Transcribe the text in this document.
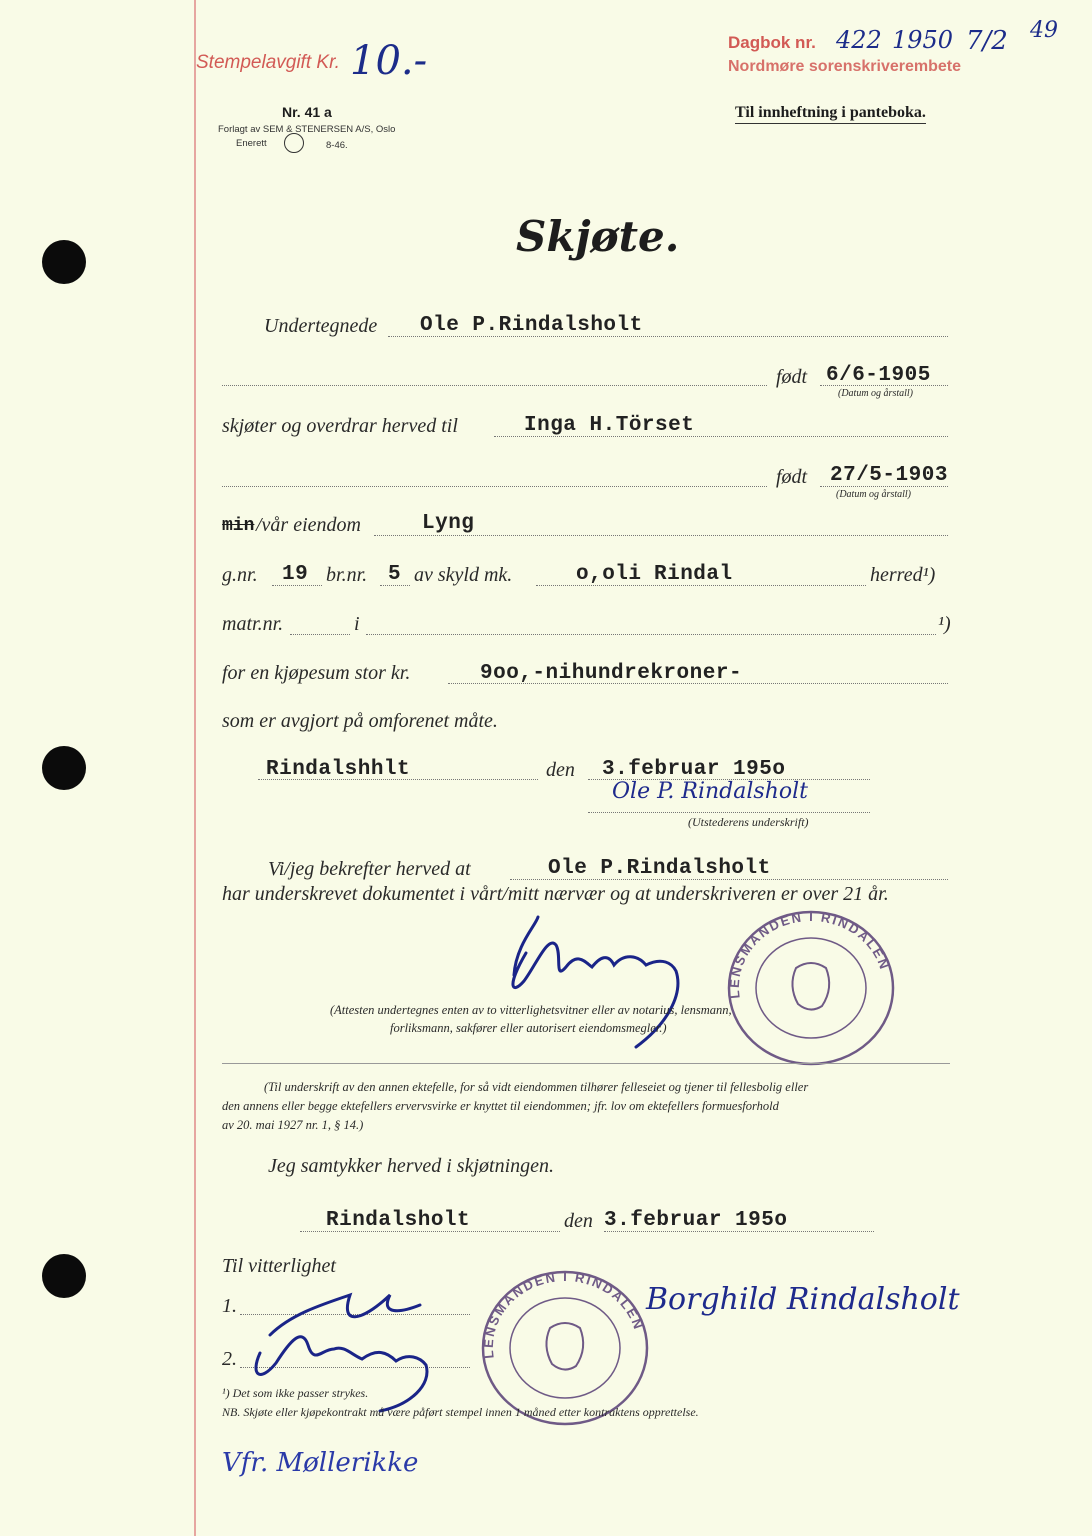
Stempelavgift Kr. 10.-	Dagbok nr. 422 1950 7/2 49
Nordmøre sorenskriverembete
Nr. 41 a
Forlagt av SEM & STENERSEN A/S, Oslo
Enerett	8-46.
Til innheftning i panteboka.
Skjøte.
Undertegnede Ole P.Rindalsholt
født 6/6-1905
(Datum og årstall)
skjøter og overdrar herved til	Inga H.Törset
født 27/5-1903
(Datum og årstall)
min /vår eiendom	Lyng
g.nr. 19 br.nr. 5 av skyld mk.	o,oli Rindal	herred¹)
matr.nr.	i	¹)
for en kjøpesum stor kr.	9oo,-nihundrekroner-
som er avgjort på omforenet måte.
Rindalshhlt	den 3.februar 195o
Ole P. Rindalsholt
(Utstederens underskrift)
Vi/jeg bekrefter herved at	Ole P.Rindalsholt
har underskrevet dokumentet i vårt/mitt nærvær og at underskriveren er over 21 år.
LENSMANDEN I RINDALEN
(Attesten undertegnes enten av to vitterlighetsvitner eller av notarius, lensmann,
forliksmann, sakfører eller autorisert eiendomsmegler.)
(Til underskrift av den annen ektefelle, for så vidt eiendommen tilhører felleseiet og tjener til fellesbolig eller
den annens eller begge ektefellers ervervsvirke er knyttet til eiendommen; jfr. lov om ektefellers formuesforhold
av 20. mai 1927 nr. 1, § 14.)
Jeg samtykker herved i skjøtningen.
Rindalsholt	den 3.februar 195o
Til vitterlighet
1.
2.	LENSMANDEN I RINDALEN
Borghild Rindalsholt
¹) Det som ikke passer strykes.
NB. Skjøte eller kjøpekontrakt må være påført stempel innen 1 måned etter kontraktens opprettelse.
Vfr. Møllerikke
